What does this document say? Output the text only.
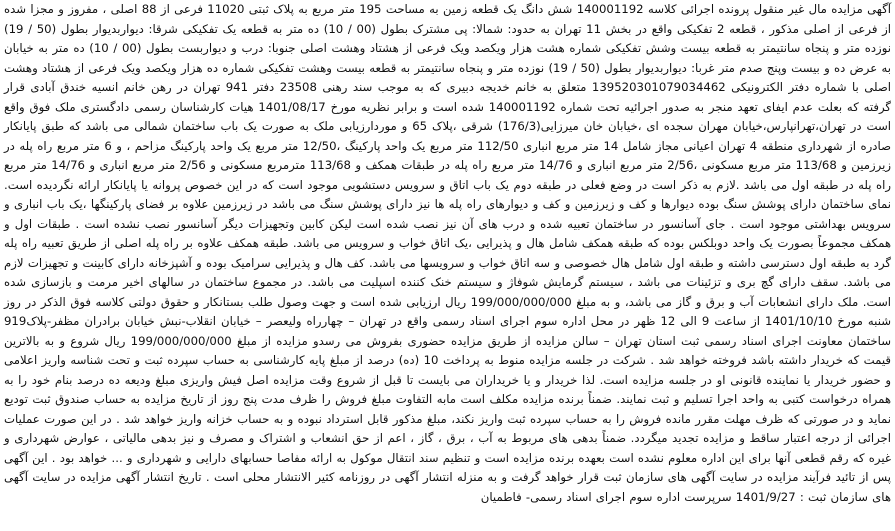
آگهی مزایده مال غیر منقول پرونده اجرائی کلاسه 140001192 شش دانگ یک قطعه زمین به مساحت 195 متر مربع به پلاک ثبتی 11020 فرعی از 88 اصلی ، مفروز و مجزا شده از فرعی از اصلی مذکور ، قطعه 2 تفکیکی واقع در بخش 11 تهران به حدود: شمالا: پی مشترک بطول (00 / 10) ده متر به قطعه یک تفکیکی شرقا: دیواربدیوار بطول (50 / 19) نوزده متر و پنجاه سانتیمتر به قطعه بیست وشش تفکیکی شماره هشت هزار ویکصد ویک فرعی از هشتاد وهشت اصلی جنوبا: درب و دیواربست بطول (00 / 10) ده متر به خیابان به عرض ده و بیست وپنج صدم متر غربا: دیواربدیوار بطول (50 / 19) نوزده متر و پنجاه سانتیمتر به قطعه بیست وهشت تفکیکی شماره ده هزار ویکصد ویک فرعی از هشتاد وهشت اصلی با شماره دفتر الکترونیکی 139520301079034462 متعلق به خانم خدیجه دبیری که به موجب سند رهنی 23508 دفتر 941 تهران در رهن خانم انسیه خندق آبادی قرار گرفته که بعلت عدم ایفای تعهد منجر به صدور اجرائیه تحت شماره 140001192 شده است و برابر نظریه مورخ 1401/08/17 هیات کارشناسان رسمی دادگستری ملک فوق واقع است در تهران،تهرانپارس،خیابان مهران سجده ای ،خیابان خان میرزایی(176/3) شرقی ،پلاک 65 و موردارزیابی ملک به صورت یک باب ساختمان شمالی می باشد که طبق پایانکار صادره از شهرداری منطقه 4 تهران اعیانی مجاز شامل 14 متر مربع انباری 112/50 متر مربع یک واحد پارکینگ ،12/50 متر مربع یک واحد پارکینگ مزاحم ، و 6 متر مربع راه پله در زیرزمین و 113/68 متر مربع مسکونی ،2/56 متر مربع انباری و 14/76 متر مربع راه پله در طبقات همکف و 113/68 مترمربع مسکونی و 2/56 متر مربع انباری و 14/76 متر مربع راه پله در طبقه اول می باشد .لازم به ذکر است در وضع فعلی در طبقه دوم یک باب اتاق و سرویس دستشویی موجود است که در این خصوص پروانه یا پایانکار ارائه نگردیده است. نمای ساختمان دارای پوشش سنگ بوده دیوارها و کف و زیرزمین و کف و دیوارهای راه پله ها نیز دارای پوشش سنگ می باشد در زیرزمین علاوه بر فضای پارکینگها ،یک باب انباری و سرویس بهداشتی موجود است . جای آسانسور در ساختمان تعبیه شده و درب های آن نیز نصب شده است لیکن کابین وتجهیزات دیگر آسانسور نصب نشده است . طبقات اول و همکف مجموعاً بصورت یک واحد دوبلکس بوده که طبقه همکف شامل هال و پذیرایی ،یک اتاق خواب و سرویس می باشد. طبقه همکف علاوه بر راه پله اصلی از طریق تعبیه راه پله گرد به طبقه اول دسترسی داشته و طبقه اول شامل هال خصوصی و سه اتاق خواب و سرویسها می باشد. کف هال و پذیرایی سرامیک بوده و آشپزخانه دارای کابینت و تجهیزات لازم می باشد. سقف دارای گچ بری و تزئینات می باشد ، سیستم گرمایش شوفاژ و سیستم خنک کننده اسپلیت می باشد. در مجموع ساختمان در سالهای اخیر مرمت و بازسازی شده است. ملک دارای انشعابات آب و برق و گاز می باشد، و به مبلغ 199/000/000/000 ریال ارزیابی شده است و جهت وصول طلب بستانکار و حقوق دولتی کلاسه فوق الذکر در روز شنبه مورخ 1401/10/10 از ساعت 9 الی 12 ظهر در محل اداره سوم اجرای اسناد رسمی واقع در تهران – چهارراه ولیعصر – خیابان انقلاب-نبش خیابان برادران مظفر-پلاک919 ساختمان معاونت اجرای اسناد رسمی ثبت استان تهران – سالن مزایده از طریق مزایده حضوری بفروش می رسدو مزایده از مبلغ 199/000/000/000 ریال شروع و به بالاترین قیمت که خریدار داشته باشد فروخته خواهد شد . شرکت در جلسه مزایده منوط به پرداخت 10 (ده) درصد از مبلغ پایه کارشناسی به حساب سپرده ثبت و تحت شناسه واریز اعلامی و حضور خریدار یا نماینده قانونی او در جلسه مزایده است. لذا خریدار و یا خریداران می بایست تا قبل از شروع وقت مزایده اصل فیش واریزی مبلغ ودیعه ده درصد بنام خود را به همراه درخواست کتبی به واحد اجرا تسلیم و ثبت نمایند. ضمناً برنده مزایده مکلف است مابه التفاوت مبلغ فروش را ظرف مدت پنج روز از تاریخ مزایده به حساب صندوق ثبت تودیع نماید و در صورتی که ظرف مهلت مقرر مانده فروش را به حساب سپرده ثبت واریز نکند، مبلغ مذکور قابل استرداد نبوده و به حساب خزانه واریز خواهد شد . در این صورت عملیات اجرائی از درجه اعتبار ساقط و مزایده تجدید میگردد. ضمناً بدهی های مربوط به آب ، برق ، گاز ، اعم از حق انشعاب و اشتراک و مصرف و نیز بدهی مالیاتی ، عوارض شهرداری و غیره که رقم قطعی آنها برای این اداره معلوم نشده است بعهده برنده مزایده است و تنظیم سند انتقال موکول به ارائه مفاصا حسابهای دارایی و شهرداری و ... خواهد بود . این آگهی پس از تائید فرآیند مزایده در سایت آگهی های سازمان ثبت قرار خواهد گرفت و به منزله انتشار آگهی در روزنامه کثیر الانتشار محلی است . تاریخ انتشار آگهی مزایده در سایت آگهی های سازمان ثبت : 1401/9/27 سرپرست اداره سوم اجرای اسناد رسمی- فاطمیان
